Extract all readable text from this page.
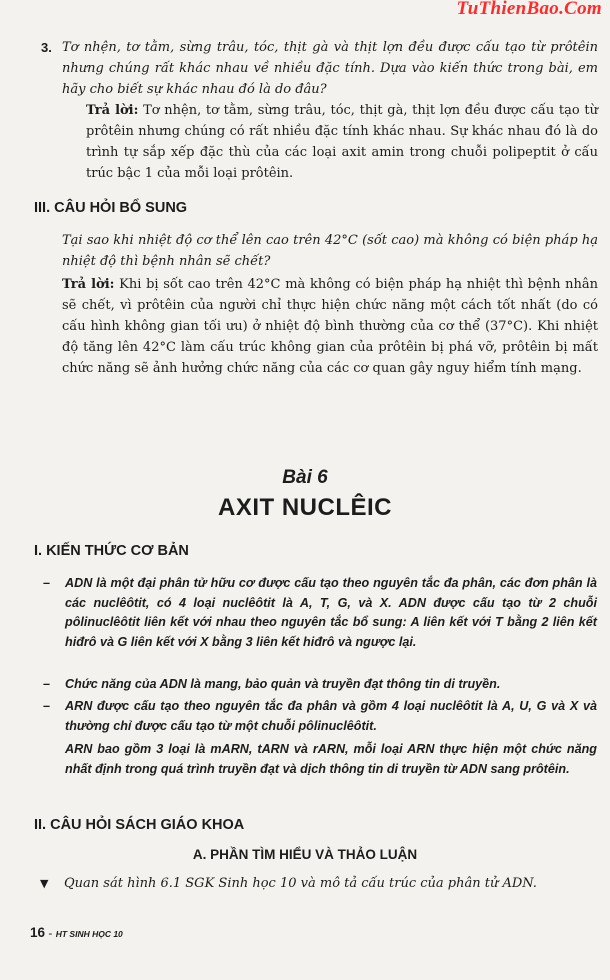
TuThienBao.Com
3. Tơ nhện, tơ tằm, sừng trâu, tóc, thịt gà và thịt lợn đều được cấu tạo từ prôtêin nhưng chúng rất khác nhau về nhiều đặc tính. Dựa vào kiến thức trong bài, em hãy cho biết sự khác nhau đó là do đâu?
Trả lời: Tơ nhện, tơ tằm, sừng trâu, tóc, thịt gà, thịt lợn đều được cấu tạo từ prôtêin nhưng chúng có rất nhiều đặc tính khác nhau. Sự khác nhau đó là do trình tự sắp xếp đặc thù của các loại axit amin trong chuỗi polipeptit ở cấu trúc bậc 1 của mỗi loại prôtêin.
III. CÂU HỎI BỔ SUNG
Tại sao khi nhiệt độ cơ thể lên cao trên 42°C (sốt cao) mà không có biện pháp hạ nhiệt độ thì bệnh nhân sẽ chết?
Trả lời: Khi bị sốt cao trên 42°C mà không có biện pháp hạ nhiệt thì bệnh nhân sẽ chết, vì prôtêin của người chỉ thực hiện chức năng một cách tốt nhất (do có cấu hình không gian tối ưu) ở nhiệt độ bình thường của cơ thể (37°C). Khi nhiệt độ tăng lên 42°C làm cấu trúc không gian của prôtêin bị phá vỡ, prôtêin bị mất chức năng sẽ ảnh hưởng chức năng của các cơ quan gây nguy hiểm tính mạng.
Bài 6
AXIT NUCLÊIC
I. KIẾN THỨC CƠ BẢN
– ADN là một đại phân tử hữu cơ được cấu tạo theo nguyên tắc đa phân, các đơn phân là các nuclêôtit, có 4 loại nuclêôtit là A, T, G, và X. ADN được cấu tạo từ 2 chuỗi pôlinuclêôtit liên kết với nhau theo nguyên tắc bổ sung: A liên kết với T bằng 2 liên kết hiđrô và G liên kết với X bằng 3 liên kết hiđrô và ngược lại.
– Chức năng của ADN là mang, bảo quản và truyền đạt thông tin di truyền.
– ARN được cấu tạo theo nguyên tắc đa phân và gồm 4 loại nuclêôtit là A, U, G và X và thường chỉ được cấu tạo từ một chuỗi pôlinuclêôtit.
ARN bao gồm 3 loại là mARN, tARN và rARN, mỗi loại ARN thực hiện một chức năng nhất định trong quá trình truyền đạt và dịch thông tin di truyền từ ADN sang prôtêin.
II. CÂU HỎI SÁCH GIÁO KHOA
A. PHẦN TÌM HIỂU VÀ THẢO LUẬN
▼ Quan sát hình 6.1 SGK Sinh học 10 và mô tả cấu trúc của phân tử ADN.
16 - HT SINH HỌC 10
